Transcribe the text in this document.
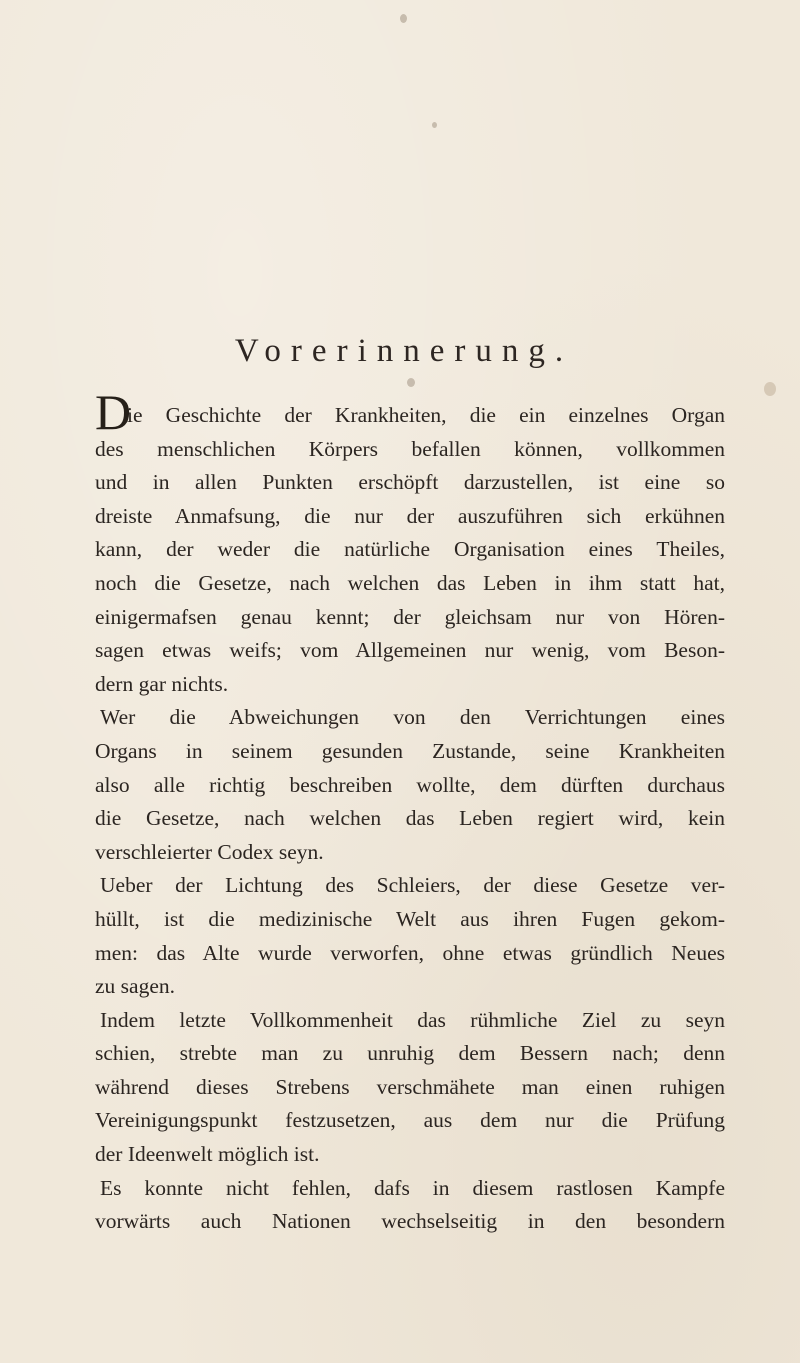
Vorerinnerung.
D
ie Geschichte der Krankheiten, die ein einzelnes Organ
des menschlichen Körpers befallen können, vollkommen
und in allen Punkten erschöpft darzustellen, ist eine so
dreiste Anmafsung, die nur der auszuführen sich erkühnen
kann, der weder die natürliche Organisation eines Theiles,
noch die Gesetze, nach welchen das Leben in ihm statt hat,
einigermafsen genau kennt; der gleichsam nur von Hören-
sagen etwas weifs; vom Allgemeinen nur wenig, vom Beson-
dern gar nichts.
Wer die Abweichungen von den Verrichtungen eines
Organs in seinem gesunden Zustande, seine Krankheiten
also alle richtig beschreiben wollte, dem dürften durchaus
die Gesetze, nach welchen das Leben regiert wird, kein
verschleierter Codex seyn.
Ueber der Lichtung des Schleiers, der diese Gesetze ver-
hüllt, ist die medizinische Welt aus ihren Fugen gekom-
men: das Alte wurde verworfen, ohne etwas gründlich Neues
zu sagen.
Indem letzte Vollkommenheit das rühmliche Ziel zu seyn
schien, strebte man zu unruhig dem Bessern nach; denn
während dieses Strebens verschmähete man einen ruhigen
Vereinigungspunkt festzusetzen, aus dem nur die Prüfung
der Ideenwelt möglich ist.
Es konnte nicht fehlen, dafs in diesem rastlosen Kampfe
vorwärts auch Nationen wechselseitig in den besondern
